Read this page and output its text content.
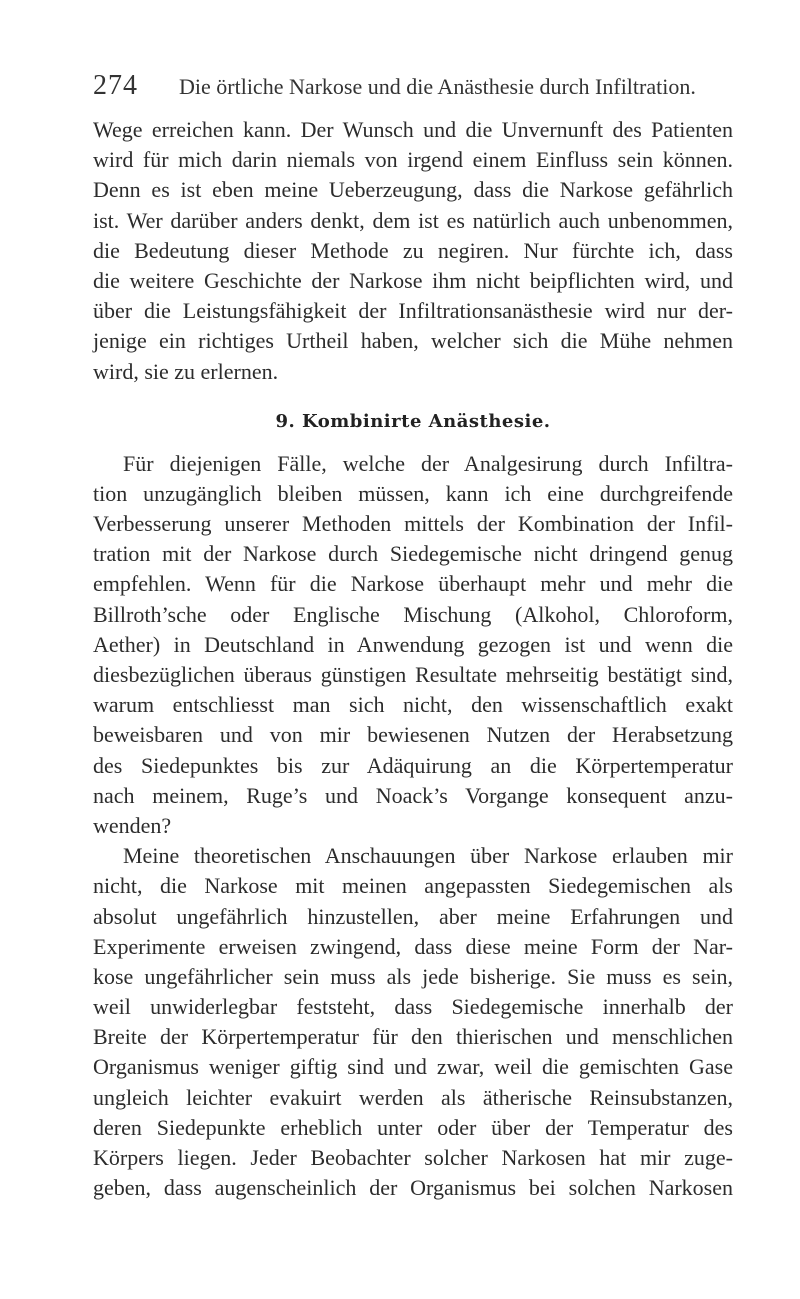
274 Die örtliche Narkose und die Anästhesie durch Infiltration.
Wege erreichen kann. Der Wunsch und die Unvernunft des Patienten
wird für mich darin niemals von irgend einem Einfluss sein können.
Denn es ist eben meine Ueberzeugung, dass die Narkose gefährlich
ist. Wer darüber anders denkt, dem ist es natürlich auch unbenommen,
die Bedeutung dieser Methode zu negiren. Nur fürchte ich, dass
die weitere Geschichte der Narkose ihm nicht beipflichten wird, und
über die Leistungsfähigkeit der Infiltrationsanästhesie wird nur der-
jenige ein richtiges Urtheil haben, welcher sich die Mühe nehmen
wird, sie zu erlernen.
9. Kombinirte Anästhesie.
Für diejenigen Fälle, welche der Analgesirung durch Infiltra-
tion unzugänglich bleiben müssen, kann ich eine durchgreifende
Verbesserung unserer Methoden mittels der Kombination der Infil-
tration mit der Narkose durch Siedegemische nicht dringend genug
empfehlen. Wenn für die Narkose überhaupt mehr und mehr die
Billroth’sche oder Englische Mischung (Alkohol, Chloroform,
Aether) in Deutschland in Anwendung gezogen ist und wenn die
diesbezüglichen überaus günstigen Resultate mehrseitig bestätigt sind,
warum entschliesst man sich nicht, den wissenschaftlich exakt
beweisbaren und von mir bewiesenen Nutzen der Herabsetzung
des Siedepunktes bis zur Adäquirung an die Körpertemperatur
nach meinem, Ruge’s und Noack’s Vorgange konsequent anzu-
wenden?
Meine theoretischen Anschauungen über Narkose erlauben mir
nicht, die Narkose mit meinen angepassten Siedegemischen als
absolut ungefährlich hinzustellen, aber meine Erfahrungen und
Experimente erweisen zwingend, dass diese meine Form der Nar-
kose ungefährlicher sein muss als jede bisherige. Sie muss es sein,
weil unwiderlegbar feststeht, dass Siedegemische innerhalb der
Breite der Körpertemperatur für den thierischen und menschlichen
Organismus weniger giftig sind und zwar, weil die gemischten Gase
ungleich leichter evakuirt werden als ätherische Reinsubstanzen,
deren Siedepunkte erheblich unter oder über der Temperatur des
Körpers liegen. Jeder Beobachter solcher Narkosen hat mir zuge-
geben, dass augenscheinlich der Organismus bei solchen Narkosen
